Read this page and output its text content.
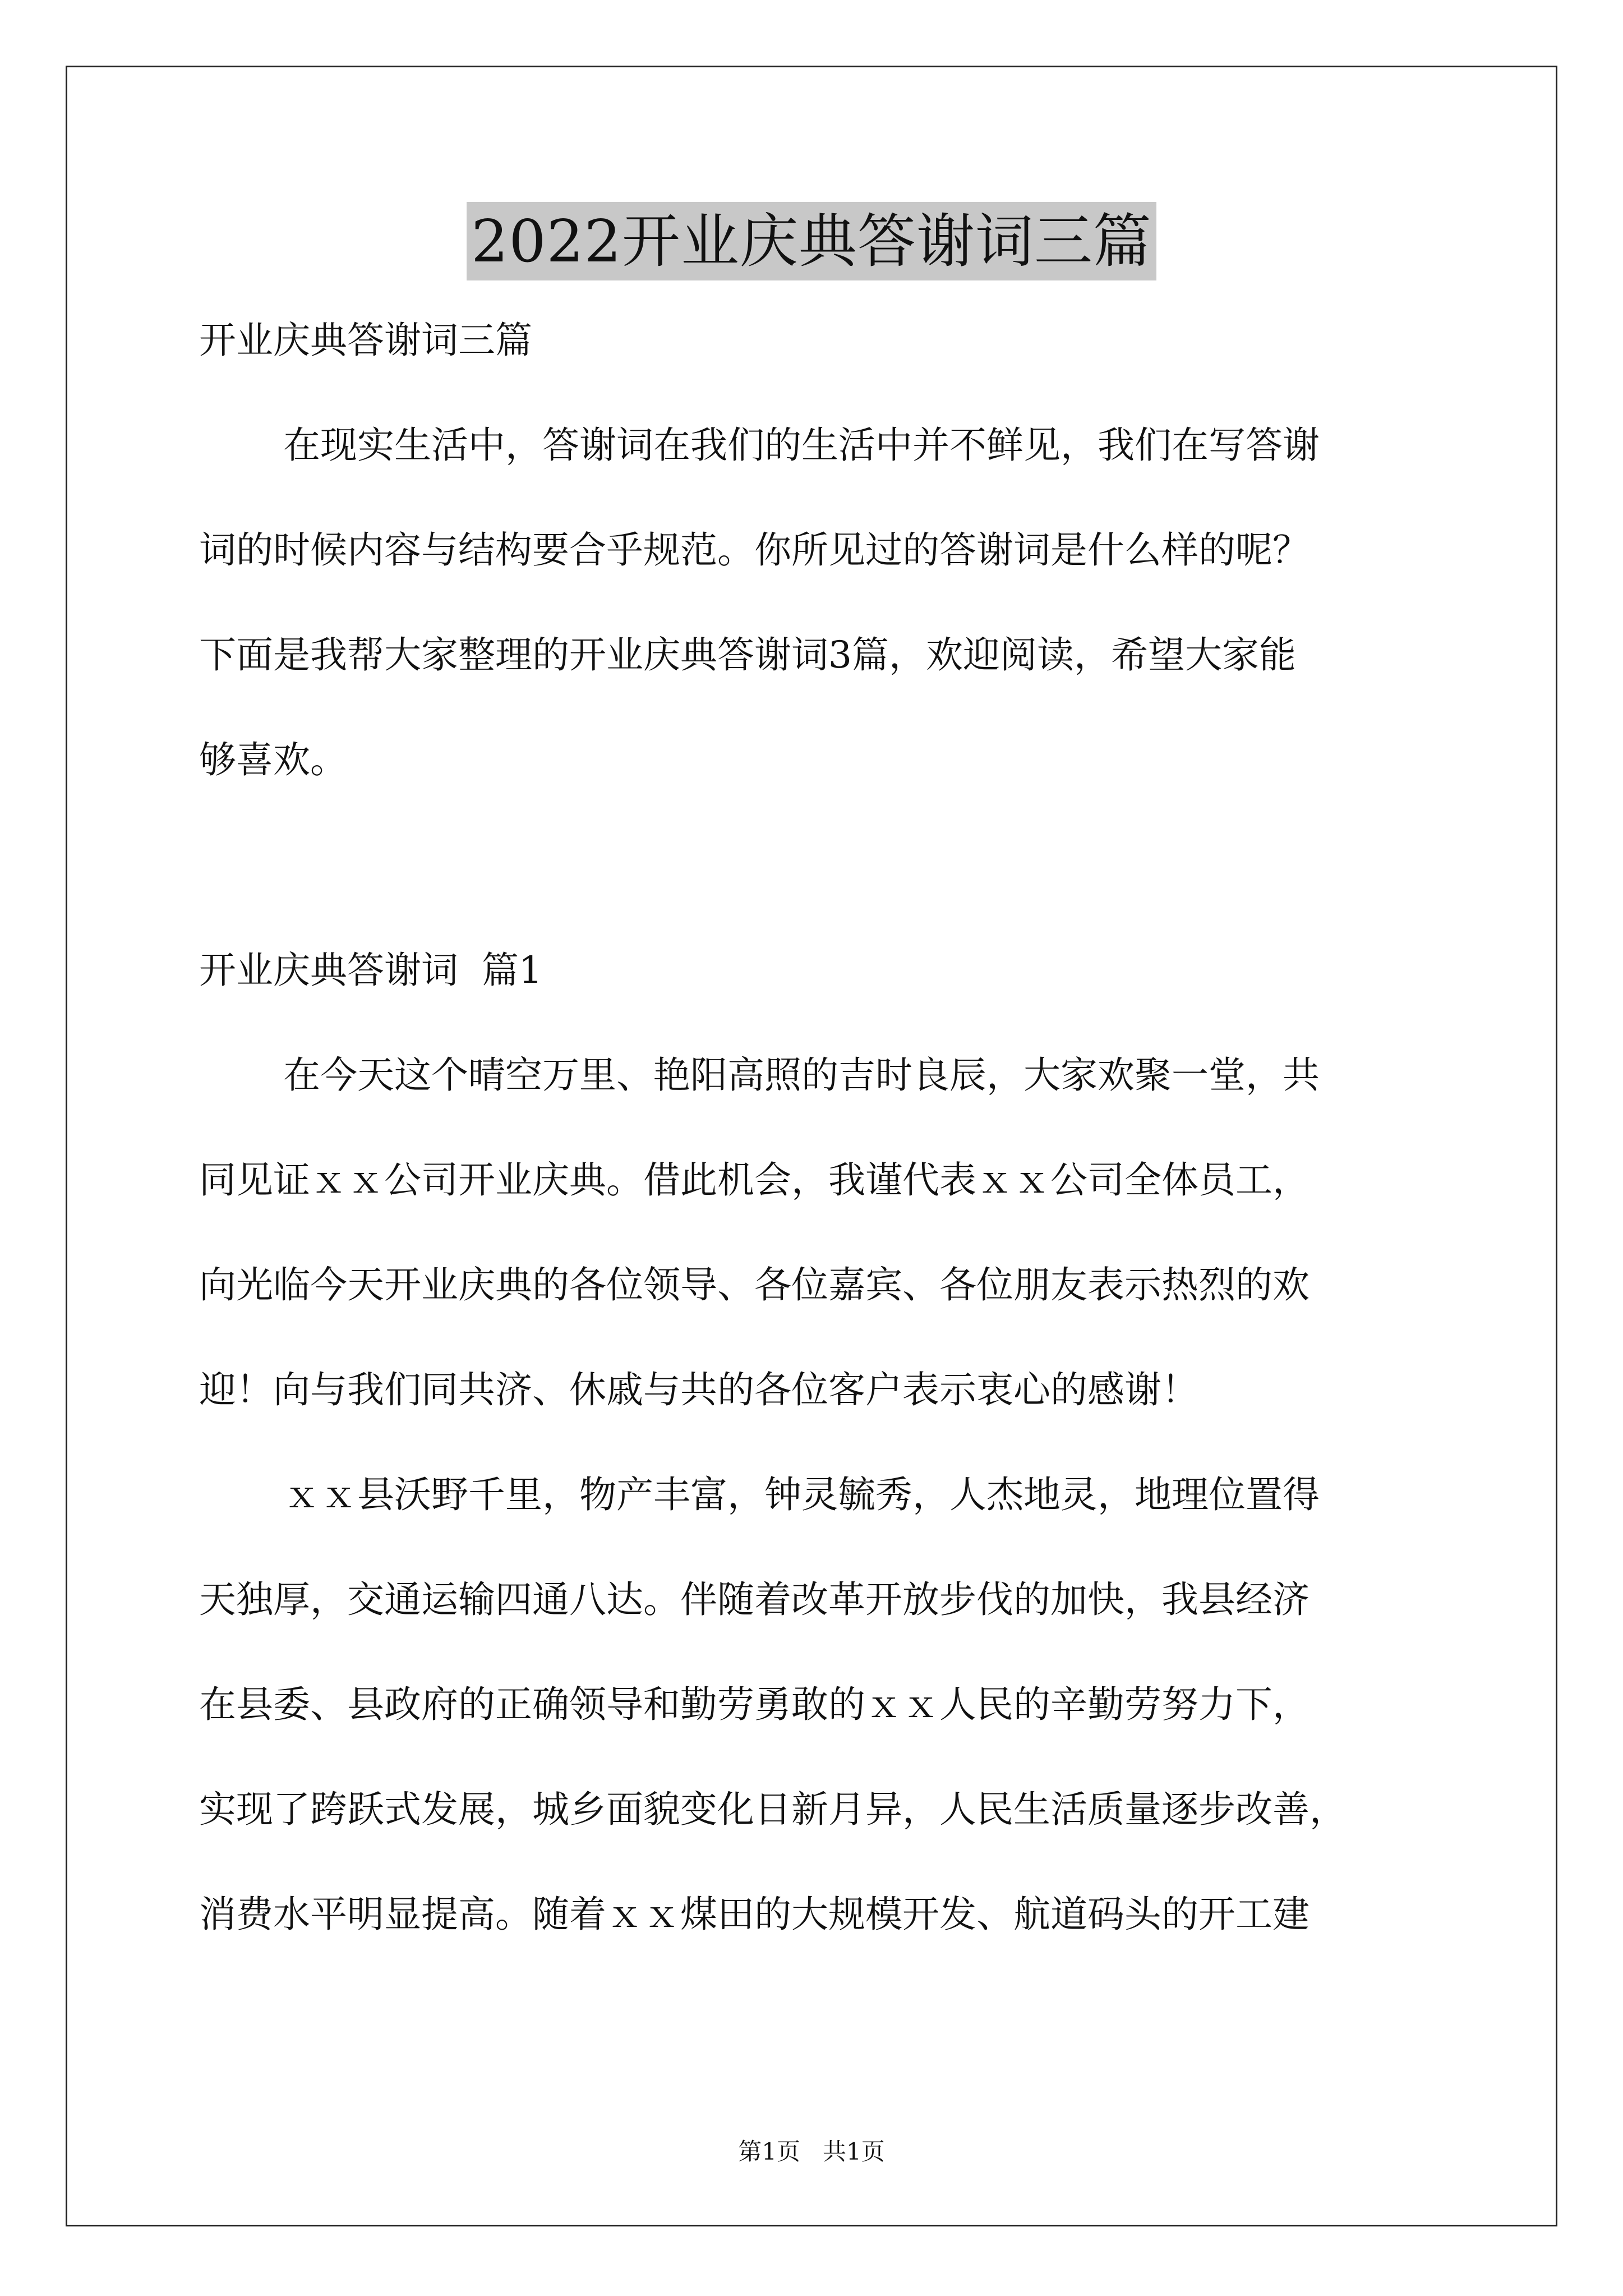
2022开业庆典答谢词三篇
开业庆典答谢词三篇
在现实生活中，答谢词在我们的生活中并不鲜见，我们在写答谢
词的时候内容与结构要合乎规范。你所见过的答谢词是什么样的呢？
下面是我帮大家整理的开业庆典答谢词3篇，欢迎阅读，希望大家能
够喜欢。
开业庆典答谢词  篇1
在今天这个晴空万里、艳阳高照的吉时良辰，大家欢聚一堂，共
同见证ｘｘ公司开业庆典。借此机会，我谨代表ｘｘ公司全体员工，
向光临今天开业庆典的各位领导、各位嘉宾、各位朋友表示热烈的欢
迎！向与我们同共济、休戚与共的各位客户表示衷心的感谢！
ｘｘ县沃野千里，物产丰富，钟灵毓秀，人杰地灵，地理位置得
天独厚，交通运输四通八达。伴随着改革开放步伐的加快，我县经济
在县委、县政府的正确领导和勤劳勇敢的ｘｘ人民的辛勤劳努力下，
实现了跨跃式发展，城乡面貌变化日新月异，人民生活质量逐步改善，
消费水平明显提高。随着ｘｘ煤田的大规模开发、航道码头的开工建
第1页   共1页
